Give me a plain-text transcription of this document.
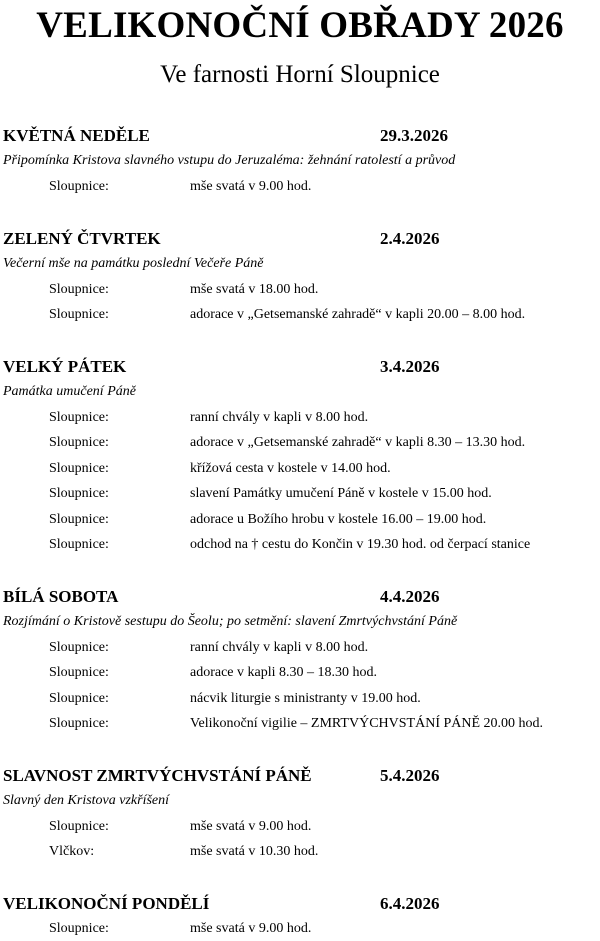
VELIKONOČNÍ OBŘADY 2026
Ve farnosti Horní Sloupnice
KVĚTNÁ NEDĚLE	29.3.2026
Připomínka Kristova slavného vstupu do Jeruzaléma: žehnání ratolestí a průvod
Sloupnice:	mše svatá v 9.00 hod.
ZELENÝ ČTVRTEK	2.4.2026
Večerní mše na památku poslední Večeře Páně
Sloupnice:	mše svatá v 18.00 hod.
Sloupnice:	adorace v „Getsemanské zahradě“ v kapli 20.00 – 8.00 hod.
VELKÝ PÁTEK	3.4.2026
Památka umučení Páně
Sloupnice:	ranní chvály v kapli v 8.00 hod.
Sloupnice:	adorace v „Getsemanské zahradě“ v kapli 8.30 – 13.30 hod.
Sloupnice:	křížová cesta v kostele v 14.00 hod.
Sloupnice:	slavení Památky umučení Páně v kostele v 15.00 hod.
Sloupnice:	adorace u Božího hrobu v kostele 16.00 – 19.00 hod.
Sloupnice:	odchod na † cestu do Končin v 19.30 hod. od čerpací stanice
BÍLÁ SOBOTA	4.4.2026
Rozjímání o Kristově sestupu do Šeolu; po setmění: slavení Zmrtvýchvstání Páně
Sloupnice:	ranní chvály v kapli v 8.00 hod.
Sloupnice:	adorace v kapli 8.30 – 18.30 hod.
Sloupnice:	nácvik liturgie s ministranty v 19.00 hod.
Sloupnice:	Velikonoční vigilie – ZMRTVÝCHVSTÁNÍ PÁNĚ 20.00 hod.
SLAVNOST ZMRTVÝCHVSTÁNÍ PÁNĚ	5.4.2026
Slavný den Kristova vzkříšení
Sloupnice:	mše svatá v 9.00 hod.
Vlčkov:	mše svatá v 10.30 hod.
VELIKONOČNÍ PONDĚLÍ	6.4.2026
Sloupnice:	mše svatá v 9.00 hod.
